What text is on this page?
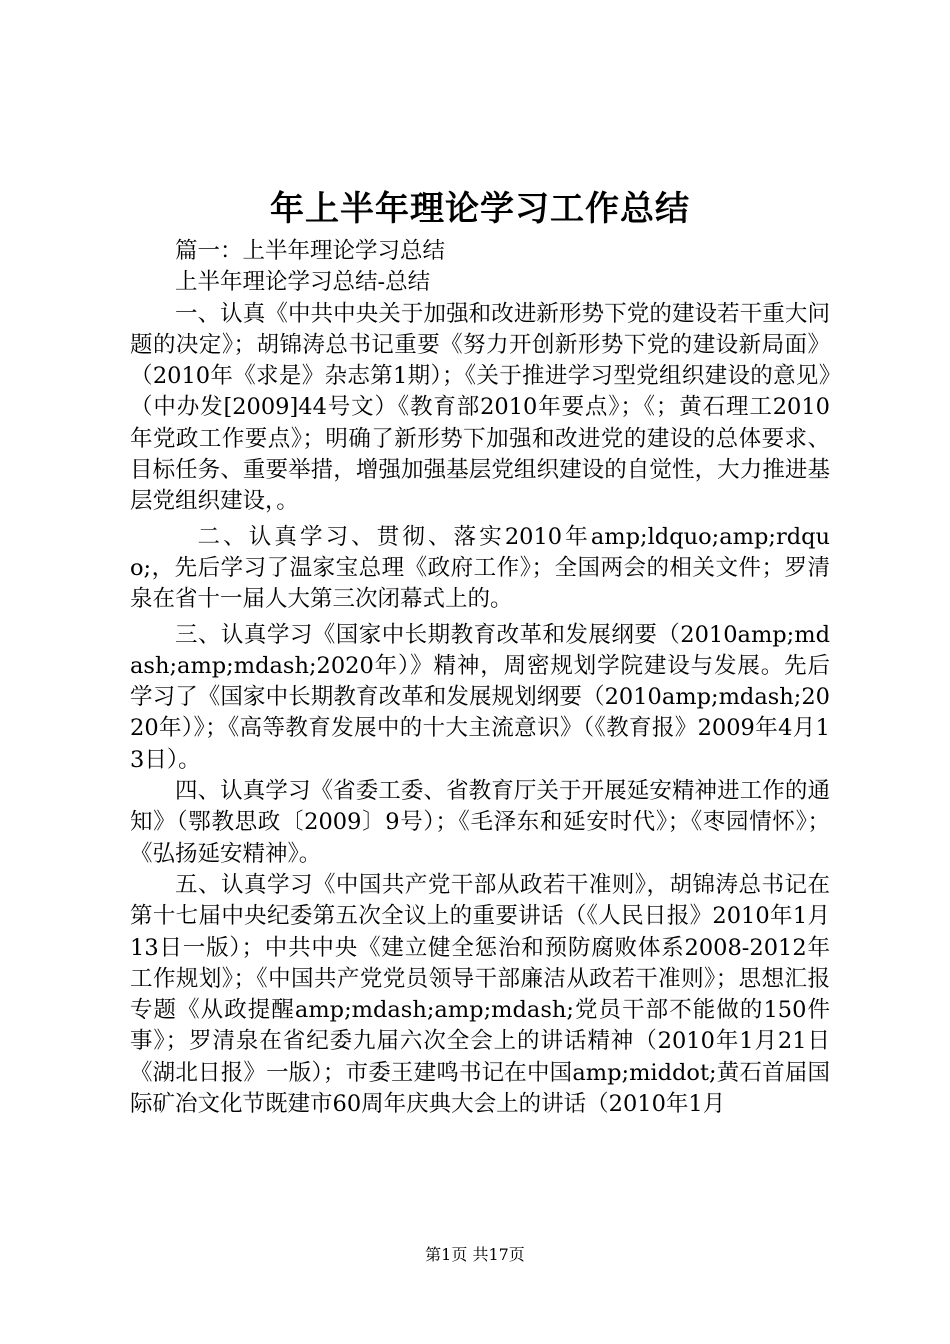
年上半年理论学习工作总结

篇一：上半年理论学习总结

上半年理论学习总结-总结

一、认真《中共中央关于加强和改进新形势下党的建设若干重大问题的决定》；胡锦涛总书记重要《努力开创新形势下党的建设新局面》（2010年《求是》杂志第1期）；《关于推进学习型党组织建设的意见》（中办发[2009]44号文）《教育部2010年要点》；《；黄石理工2010年党政工作要点》；明确了新形势下加强和改进党的建设的总体要求、目标任务、重要举措，增强加强基层党组织建设的自觉性，大力推进基层党组织建设，。

二、认真学习、贯彻、落实2010年amp;ldquo;amp;rdquo;，先后学习了温家宝总理《政府工作》；全国两会的相关文件；罗清泉在省十一届人大第三次闭幕式上的。

三、认真学习《国家中长期教育改革和发展纲要（2010amp;mdash;amp;mdash;2020年）》精神，周密规划学院建设与发展。先后学习了《国家中长期教育改革和发展规划纲要（2010amp;mdash;2020年）》；《高等教育发展中的十大主流意识》（《教育报》2009年4月13日）。

四、认真学习《省委工委、省教育厅关于开展延安精神进工作的通知》（鄂教思政〔2009〕9号）；《毛泽东和延安时代》；《枣园情怀》；《弘扬延安精神》。

五、认真学习《中国共产党干部从政若干准则》，胡锦涛总书记在第十七届中央纪委第五次全议上的重要讲话（《人民日报》2010年1月13日一版）；中共中央《建立健全惩治和预防腐败体系2008-2012年工作规划》；《中国共产党党员领导干部廉洁从政若干准则》；思想汇报专题《从政提醒amp;mdash;amp;mdash;党员干部不能做的150件事》；罗清泉在省纪委九届六次全会上的讲话精神（2010年1月21日《湖北日报》一版）；市委王建鸣书记在中国amp;middot;黄石首届国际矿冶文化节既建市60周年庆典大会上的讲话（2010年1月

第1页 共17页
